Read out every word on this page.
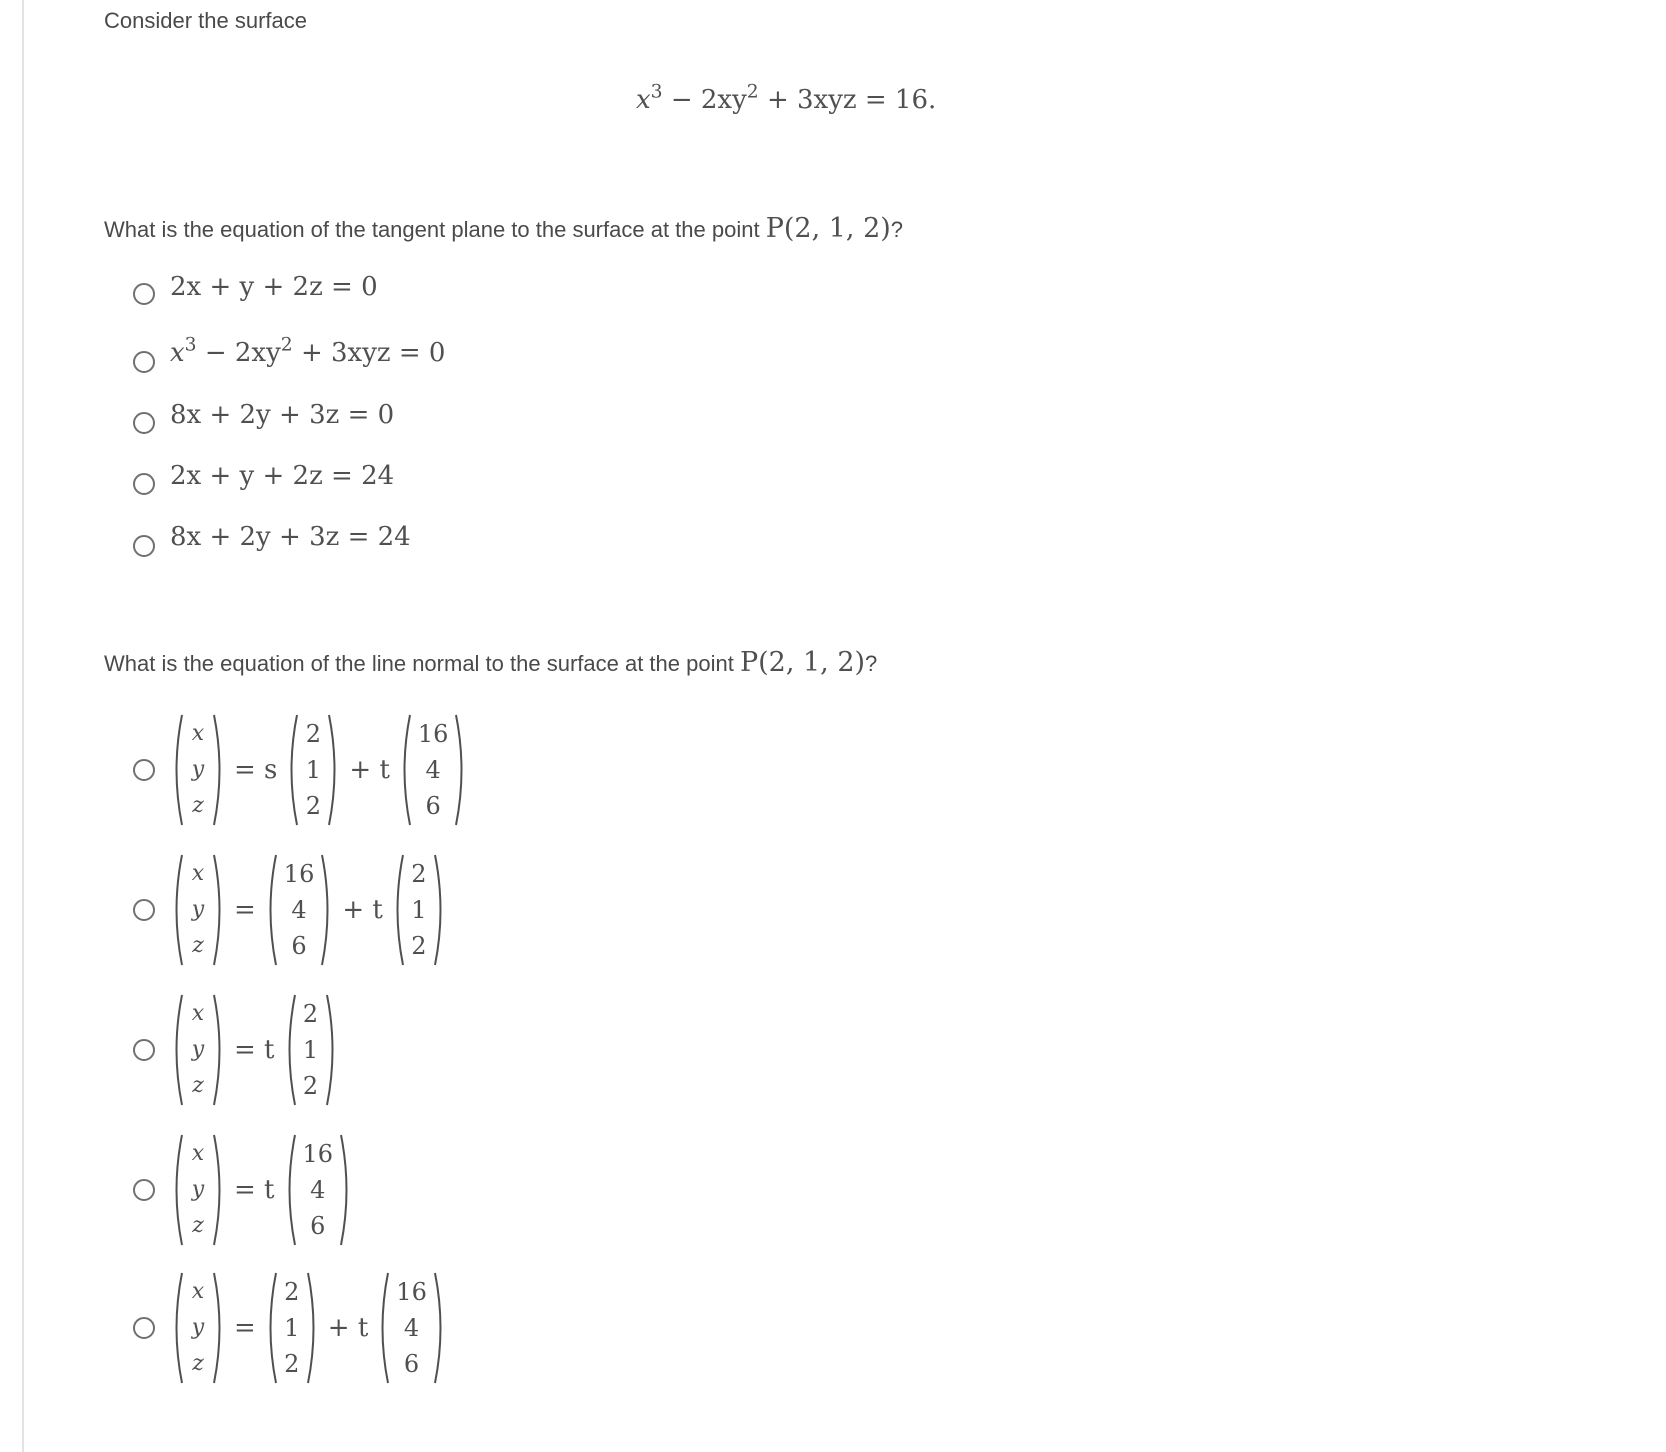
Consider the surface
$x^3 - 2xy^2 + 3xyz = 16$.
What is the equation of the tangent plane to the surface at the point P(2, 1, 2)?
2x + y + 2z = 0
$x^3 - 2xy^2 + 3xyz = 0$
8x + 2y + 3z = 0
2x + y + 2z = 24
8x + 2y + 3z = 24
What is the equation of the line normal to the surface at the point P(2, 1, 2)?
x
y
z
= s
2
1
2
+ t
16
4
6
x
y
z
=
16
4
6
+ t
2
1
2
x
y
z
= t
2
1
2
x
y
z
= t
16
4
6
x
y
z
=
2
1
2
+ t
16
4
6
